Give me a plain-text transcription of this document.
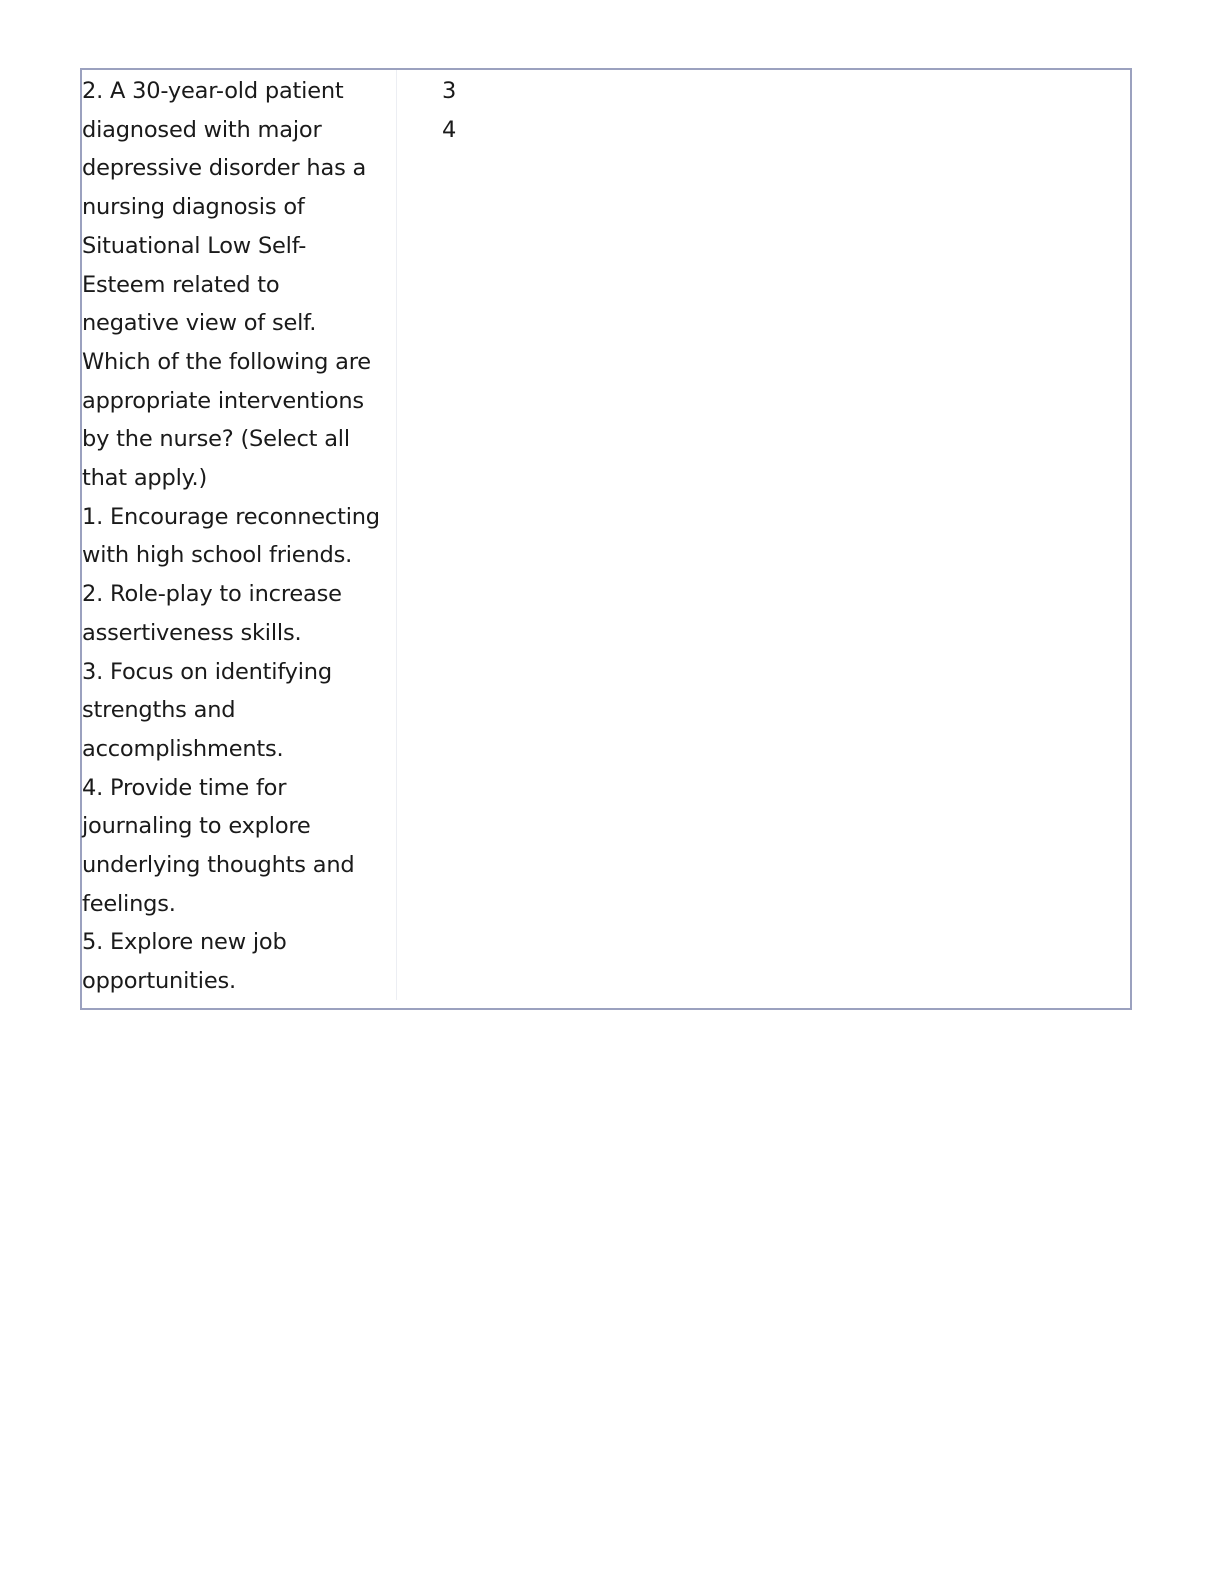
2. A 30-year-old patient
diagnosed with major
depressive disorder has a
nursing diagnosis of
Situational Low Self-
Esteem related to
negative view of self.
Which of the following are
appropriate interventions
by the nurse? (Select all
that apply.)
1. Encourage reconnecting
with high school friends.
2. Role-play to increase
assertiveness skills.
3. Focus on identifying
strengths and
accomplishments.
4. Provide time for
journaling to explore
underlying thoughts and
feelings.
5. Explore new job
opportunities.
3
4
